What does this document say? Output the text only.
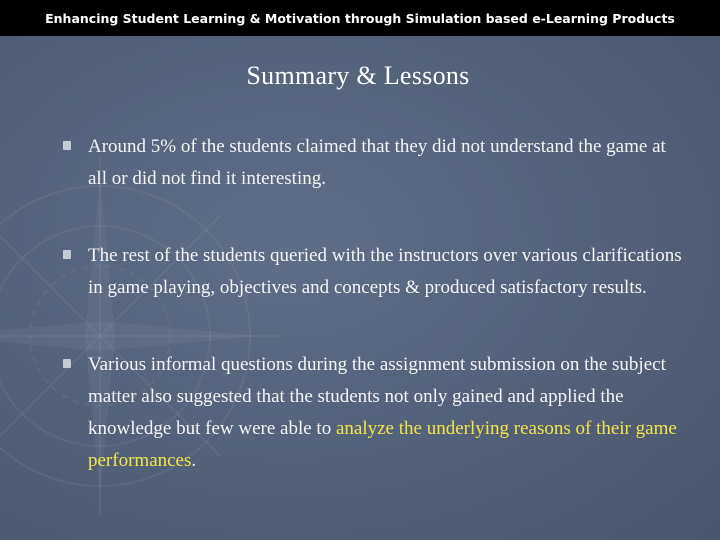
Enhancing Student Learning & Motivation through Simulation based e-Learning Products
Summary & Lessons
Around 5% of the students claimed that they did not understand the game at all or did not find it interesting.
The rest of the students queried with the instructors over various clarifications in game playing, objectives and concepts & produced satisfactory results.
Various informal questions during the assignment submission on the subject matter also suggested that the students not only gained and applied the knowledge but few were able to analyze the underlying reasons of their game performances.
